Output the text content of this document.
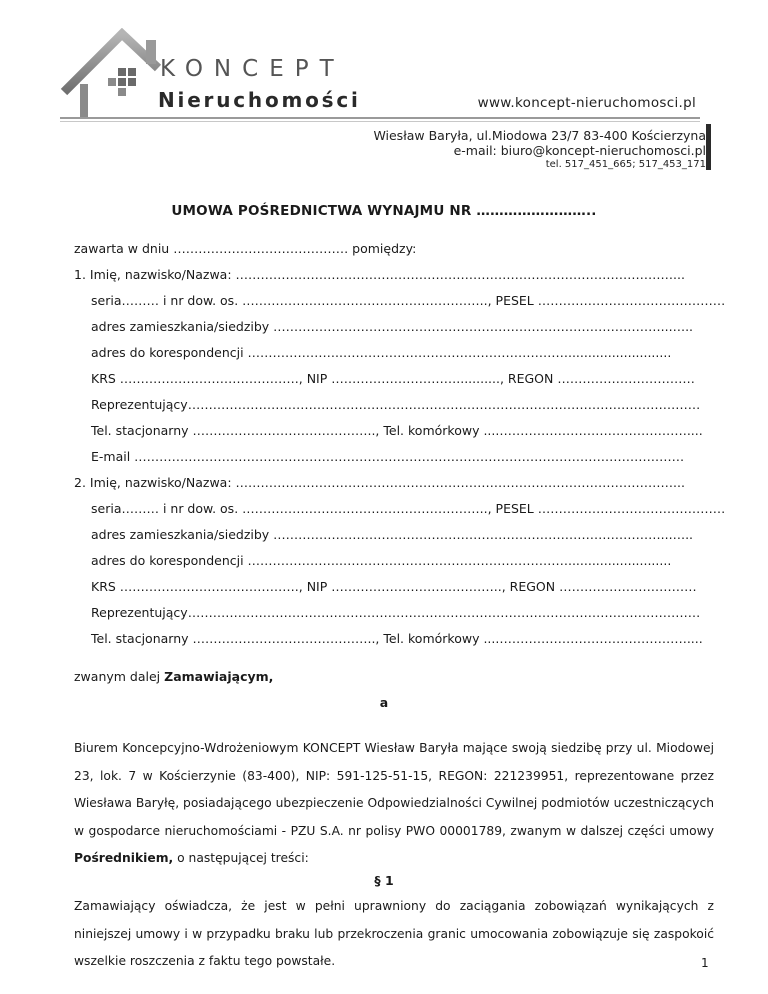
KONCEPT
Nieruchomości	www.koncept-nieruchomosci.pl
Wiesław Baryła, ul.Miodowa 23/7 83-400 Kościerzyna
e-mail: biuro@koncept-nieruchomosci.pl
tel. 517_451_665; 517_453_171
UMOWA POŚREDNICTWA WYNAJMU NR ……………………..
zawarta w dniu …………………………………… pomiędzy:
1. Imię, nazwisko/Nazwa: ……………………………………………………………………………………………...
seria……… i nr dow. os. ………………………………………………….., PESEL ………………………………………
adres zamieszkania/siedziby …………………………………………………………………………………...…..
adres do korespondencji …………………..………………………………………………..........................
KRS ……………………………………., NIP …………………………..........., REGON ……………………………
Reprezentujący……………………………………………………………………………………………………………
Tel. stacjonarny …………………………………….., Tel. komórkowy ....………………………………………....
E-mail ……………………………………………………………………………………………………………………
2. Imię, nazwisko/Nazwa: ……………………………………………………………………………………………...
seria……… i nr dow. os. ………………………………………………….., PESEL ………………………………………
adres zamieszkania/siedziby …………………………………………………………………………………...…..
adres do korespondencji …………………..………………………………………………..........................
KRS ……………………………………., NIP ………………………………….., REGON ……………………………
Reprezentujący……………………………………………………………………………………………………………
Tel. stacjonarny …………………………………….., Tel. komórkowy ....………………………………………....
zwanym dalej Zamawiającym,
a
Biurem Koncepcyjno-Wdrożeniowym KONCEPT Wiesław Baryła mające swoją siedzibę przy ul. Miodowej 23, lok. 7 w Kościerzynie (83-400), NIP: 591-125-51-15, REGON: 221239951, reprezentowane przez Wiesława Baryłę, posiadającego ubezpieczenie Odpowiedzialności Cywilnej podmiotów uczestniczących w gospodarce nieruchomościami - PZU S.A. nr polisy PWO 00001789, zwanym w dalszej części umowy Pośrednikiem, o następującej treści:
§ 1
Zamawiający oświadcza, że jest w pełni uprawniony do zaciągania zobowiązań wynikających z niniejszej umowy i w przypadku braku lub przekroczenia granic umocowania zobowiązuje się zaspokoić wszelkie roszczenia z faktu tego powstałe.	1
